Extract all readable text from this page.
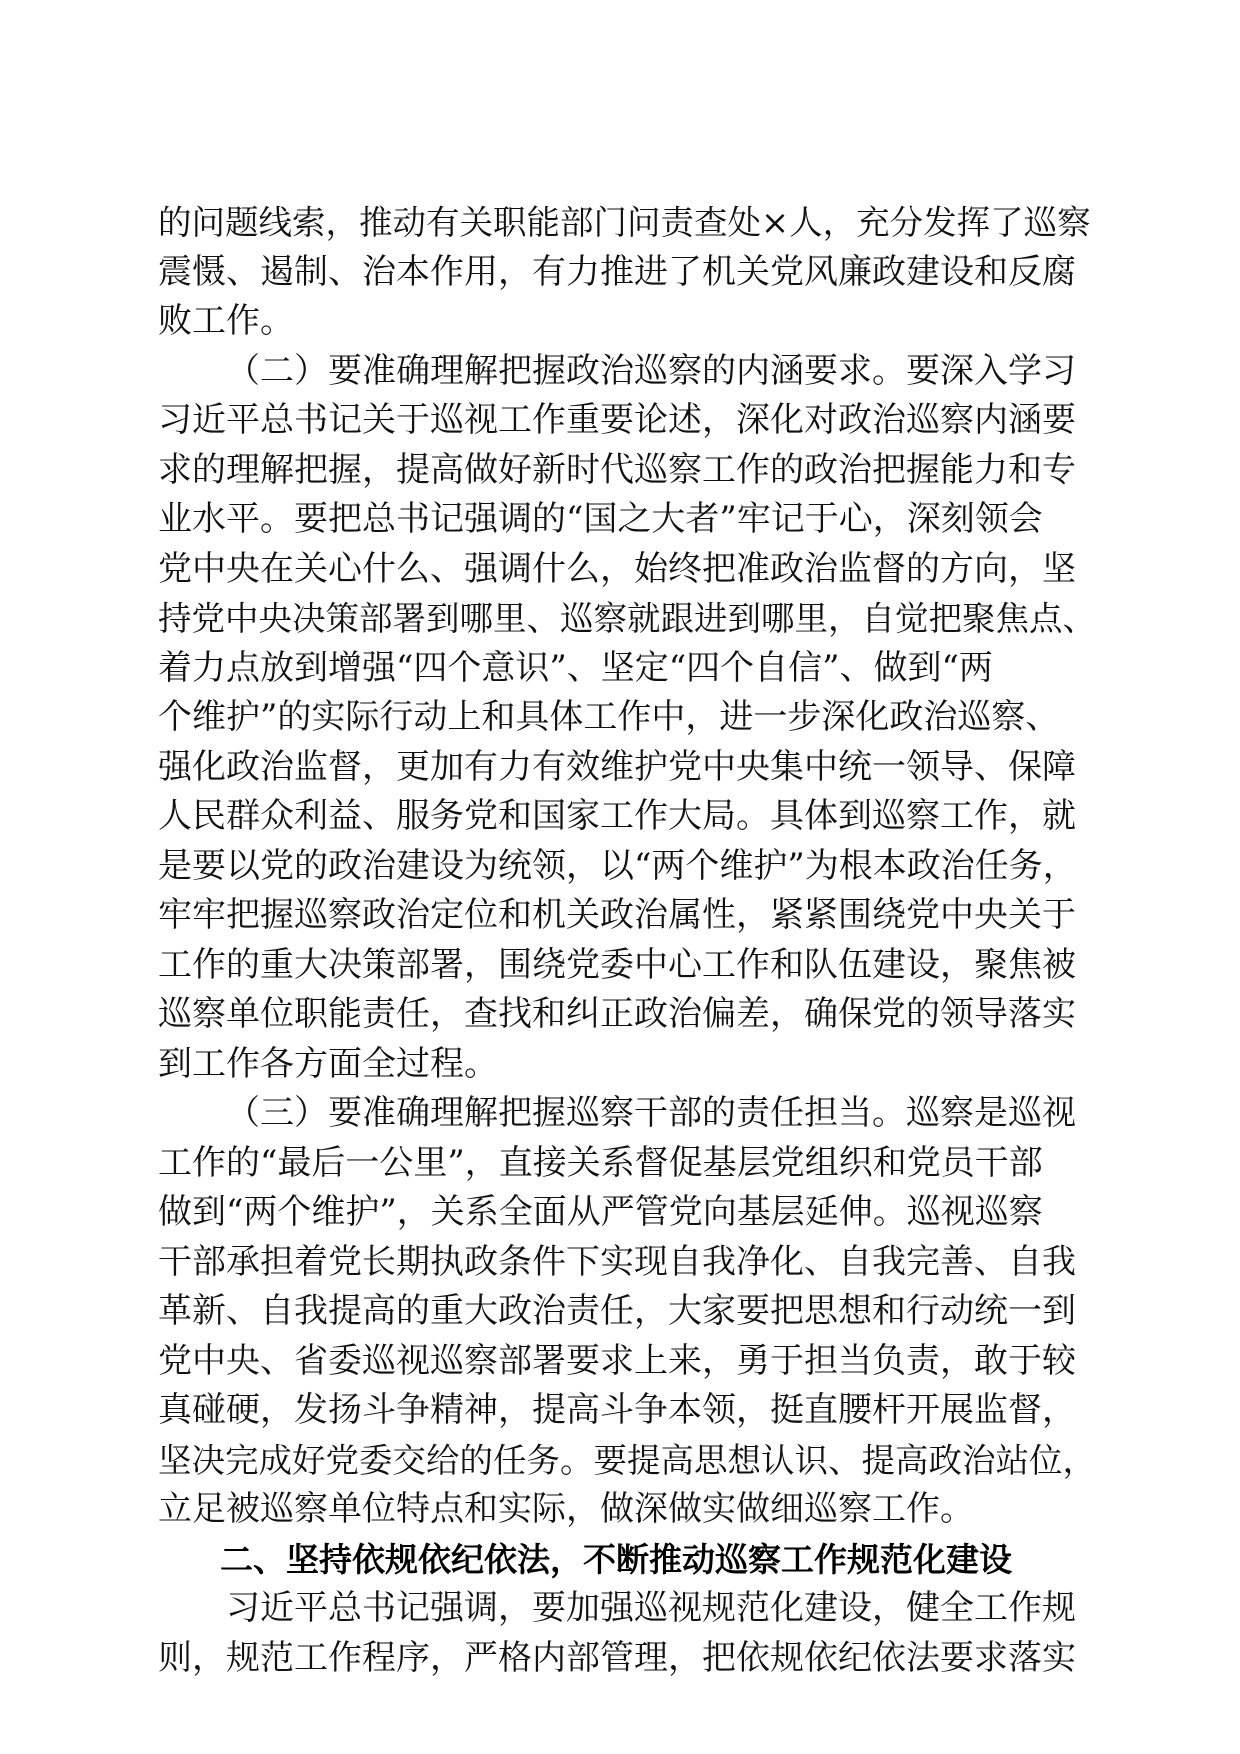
的问题线索，推动有关职能部门问责查处×人，充分发挥了巡察
震慑、遏制、治本作用，有力推进了机关党风廉政建设和反腐
败工作。
（二）要准确理解把握政治巡察的内涵要求。要深入学习
习近平总书记关于巡视工作重要论述，深化对政治巡察内涵要
求的理解把握，提高做好新时代巡察工作的政治把握能力和专
业水平。要把总书记强调的“国之大者”牢记于心，深刻领会
党中央在关心什么、强调什么，始终把准政治监督的方向，坚
持党中央决策部署到哪里、巡察就跟进到哪里，自觉把聚焦点、
着力点放到增强“四个意识”、坚定“四个自信”、做到“两
个维护”的实际行动上和具体工作中，进一步深化政治巡察、
强化政治监督，更加有力有效维护党中央集中统一领导、保障
人民群众利益、服务党和国家工作大局。具体到巡察工作，就
是要以党的政治建设为统领，以“两个维护”为根本政治任务，
牢牢把握巡察政治定位和机关政治属性，紧紧围绕党中央关于
工作的重大决策部署，围绕党委中心工作和队伍建设，聚焦被
巡察单位职能责任，查找和纠正政治偏差，确保党的领导落实
到工作各方面全过程。
（三）要准确理解把握巡察干部的责任担当。巡察是巡视
工作的“最后一公里”，直接关系督促基层党组织和党员干部
做到“两个维护”，关系全面从严管党向基层延伸。巡视巡察
干部承担着党长期执政条件下实现自我净化、自我完善、自我
革新、自我提高的重大政治责任，大家要把思想和行动统一到
党中央、省委巡视巡察部署要求上来，勇于担当负责，敢于较
真碰硬，发扬斗争精神，提高斗争本领，挺直腰杆开展监督，
坚决完成好党委交给的任务。要提高思想认识、提高政治站位，
立足被巡察单位特点和实际，做深做实做细巡察工作。
二、坚持依规依纪依法，不断推动巡察工作规范化建设
习近平总书记强调，要加强巡视规范化建设，健全工作规
则，规范工作程序，严格内部管理，把依规依纪依法要求落实
